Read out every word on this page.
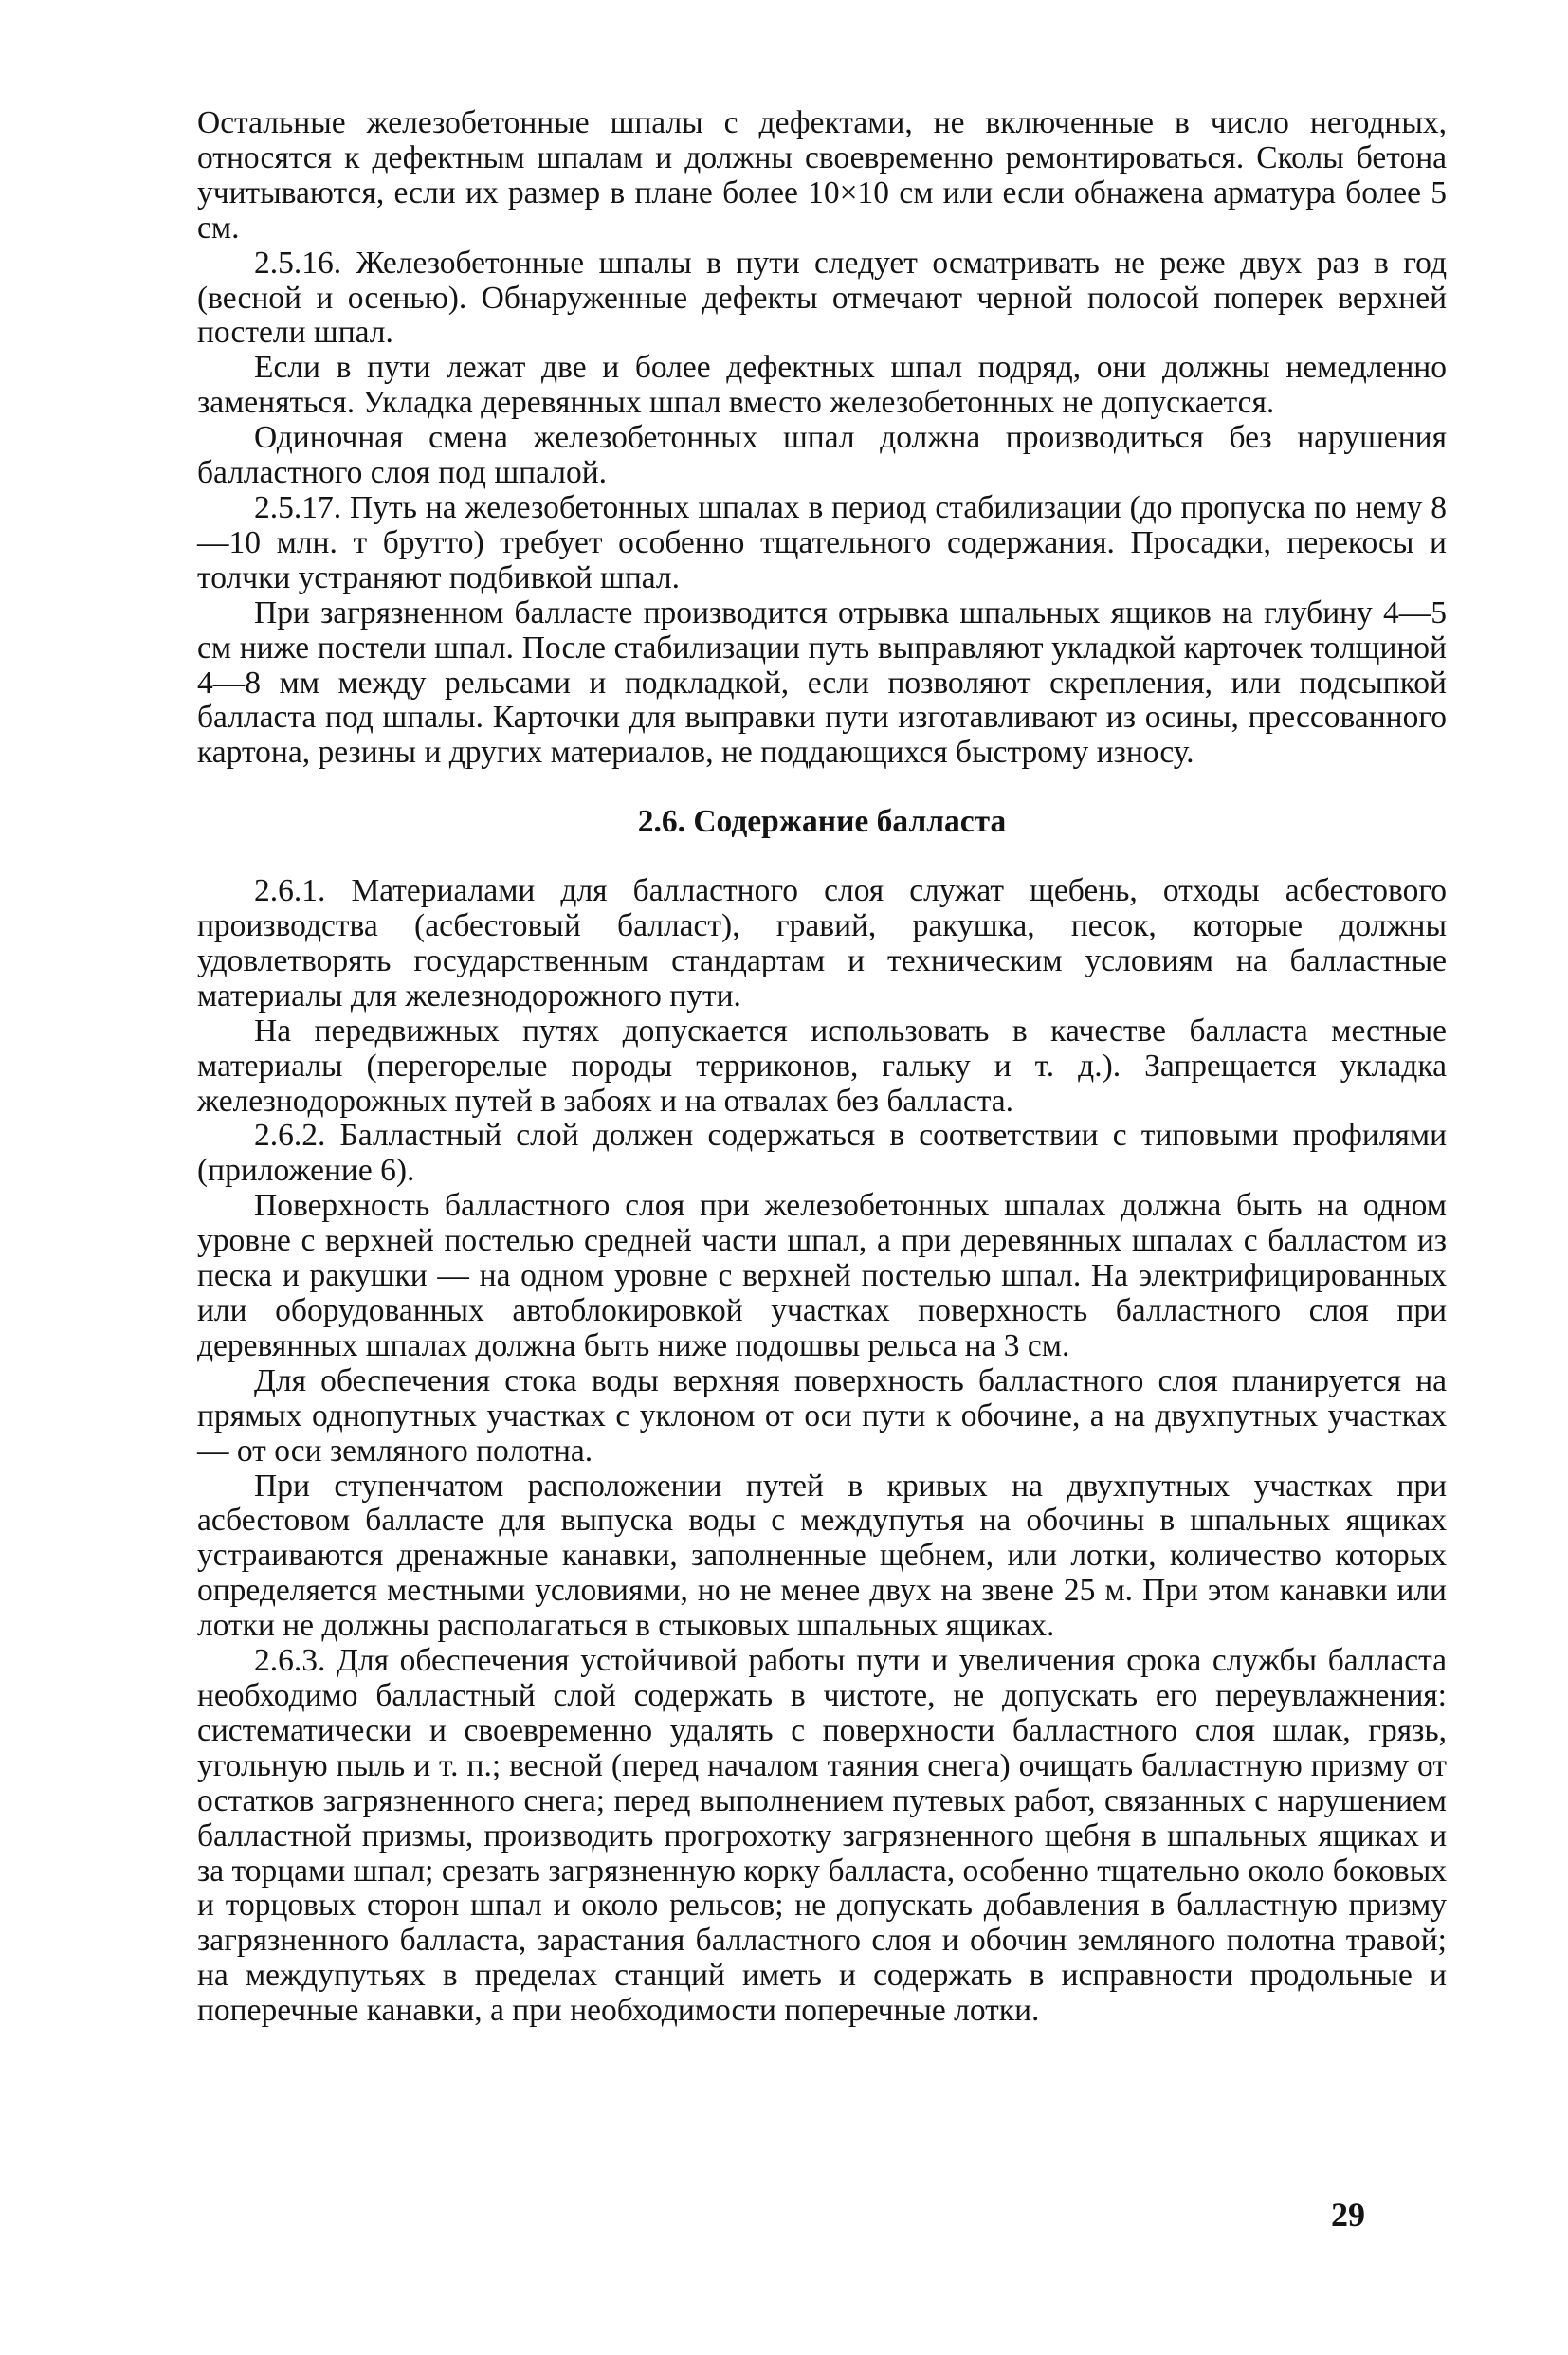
Остальные железобетонные шпалы с дефектами, не включенные в число негодных, относятся к дефектным шпалам и должны своевременно ремонтироваться. Сколы бетона учитываются, если их размер в плане более 10×10 см или если обнажена арматура более 5 см.

2.5.16. Железобетонные шпалы в пути следует осматривать не реже двух раз в год (весной и осенью). Обнаруженные дефекты отмечают черной полосой поперек верхней постели шпал.

Если в пути лежат две и более дефектных шпал подряд, они должны немедленно заменяться. Укладка деревянных шпал вместо железобетонных не допускается.

Одиночная смена железобетонных шпал должна производиться без нарушения балластного слоя под шпалой.

2.5.17. Путь на железобетонных шпалах в период стабилизации (до пропуска по нему 8—10 млн. т брутто) требует особенно тщательного содержания. Просадки, перекосы и толчки устраняют подбивкой шпал.

При загрязненном балласте производится отрывка шпальных ящиков на глубину 4—5 см ниже постели шпал. После стабилизации путь выправляют укладкой карточек толщиной 4—8 мм между рельсами и подкладкой, если позволяют скрепления, или подсыпкой балласта под шпалы. Карточки для выправки пути изготавливают из осины, прессованного картона, резины и других материалов, не поддающихся быстрому износу.

2.6. Содержание балласта

2.6.1. Материалами для балластного слоя служат щебень, отходы асбестового производства (асбестовый балласт), гравий, ракушка, песок, которые должны удовлетворять государственным стандартам и техническим условиям на балластные материалы для железнодорожного пути.

На передвижных путях допускается использовать в качестве балласта местные материалы (перегорелые породы терриконов, гальку и т. д.). Запрещается укладка железнодорожных путей в забоях и на отвалах без балласта.

2.6.2. Балластный слой должен содержаться в соответствии с типовыми профилями (приложение 6).

Поверхность балластного слоя при железобетонных шпалах должна быть на одном уровне с верхней постелью средней части шпал, а при деревянных шпалах с балластом из песка и ракушки — на одном уровне с верхней постелью шпал. На электрифицированных или оборудованных автоблокировкой участках поверхность балластного слоя при деревянных шпалах должна быть ниже подошвы рельса на 3 см.

Для обеспечения стока воды верхняя поверхность балластного слоя планируется на прямых однопутных участках с уклоном от оси пути к обочине, а на двухпутных участках — от оси земляного полотна.

При ступенчатом расположении путей в кривых на двухпутных участках при асбестовом балласте для выпуска воды с междупутья на обочины в шпальных ящиках устраиваются дренажные канавки, заполненные щебнем, или лотки, количество которых определяется местными условиями, но не менее двух на звене 25 м. При этом канавки или лотки не должны располагаться в стыковых шпальных ящиках.

2.6.3. Для обеспечения устойчивой работы пути и увеличения срока службы балласта необходимо балластный слой содержать в чистоте, не допускать его переувлажнения: систематически и своевременно удалять с поверхности балластного слоя шлак, грязь, угольную пыль и т. п.; весной (перед началом таяния снега) очищать балластную призму от остатков загрязненного снега; перед выполнением путевых работ, связанных с нарушением балластной призмы, производить прогрохотку загрязненного щебня в шпальных ящиках и за торцами шпал; срезать загрязненную корку балласта, особенно тщательно около боковых и торцовых сторон шпал и около рельсов; не допускать добавления в балластную призму загрязненного балласта, зарастания балластного слоя и обочин земляного полотна травой; на междупутьях в пределах станций иметь и содержать в исправности продольные и поперечные канавки, а при необходимости поперечные лотки.

29
